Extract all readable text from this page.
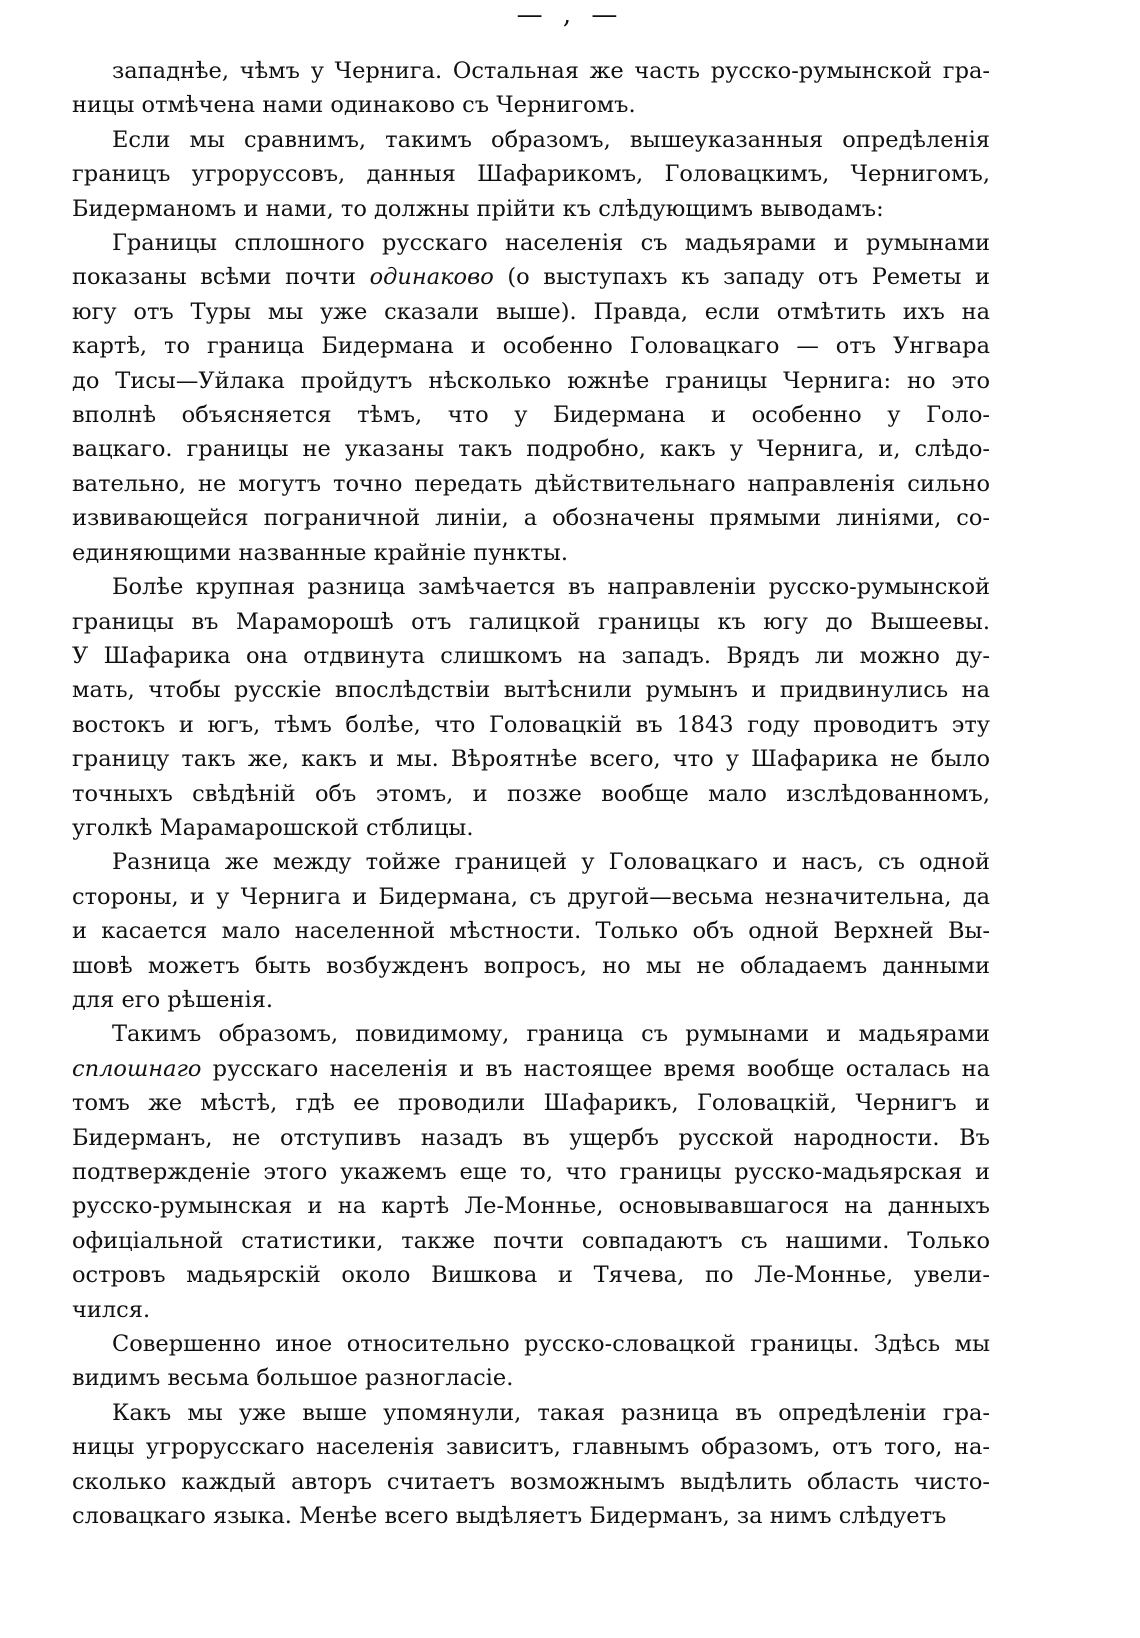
— , —
западнѣе, чѣмъ у Чернига. Остальная же часть русско-румынской гра-
ницы отмѣчена нами одинаково съ Чернигомъ.
Если мы сравнимъ, такимъ образомъ, вышеуказанныя опредѣленія
границъ угроруссовъ, данныя Шафарикомъ, Головацкимъ, Чернигомъ,
Бидерманомъ и нами, то должны прійти къ слѣдующимъ выводамъ:
Границы сплошного русскаго населенія съ мадьярами и румынами
показаны всѣми почти одинаково (о выступахъ къ западу отъ Реметы и
югу отъ Туры мы уже сказали выше). Правда, если отмѣтить ихъ на
картѣ, то граница Бидермана и особенно Головацкаго — отъ Унгвара
до Тисы—Уйлака пройдутъ нѣсколько южнѣе границы Чернига: но это
вполнѣ объясняется тѣмъ, что у Бидермана и особенно у Голо-
вацкаго. границы не указаны такъ подробно, какъ у Чернига, и, слѣдо-
вательно, не могутъ точно передать дѣйствительнаго направленія сильно
извивающейся пограничной линіи, а обозначены прямыми линіями, со-
единяющими названные крайніе пункты.
Болѣе крупная разница замѣчается въ направленіи русско-румынской
границы въ Мараморошѣ отъ галицкой границы къ югу до Вышеевы.
У Шафарика она отдвинута слишкомъ на западъ. Врядъ ли можно ду-
мать, чтобы русскіе впослѣдствіи вытѣснили румынъ и придвинулись на
востокъ и югъ, тѣмъ болѣе, что Головацкій въ 1843 году проводитъ эту
границу такъ же, какъ и мы. Вѣроятнѣе всего, что у Шафарика не было
точныхъ свѣдѣній объ этомъ, и позже вообще мало изслѣдованномъ,
уголкѣ Марамарошской стблицы.
Разница же между тойже границей у Головацкаго и насъ, съ одной
стороны, и у Чернига и Бидермана, съ другой—весьма незначительна, да
и касается мало населенной мѣстности. Только объ одной Верхней Вы-
шовѣ можетъ быть возбужденъ вопросъ, но мы не обладаемъ данными
для его рѣшенія.
Такимъ образомъ, повидимому, граница съ румынами и мадьярами
сплошнаго русскаго населенія и въ настоящее время вообще осталась на
томъ же мѣстѣ, гдѣ ее проводили Шафарикъ, Головацкій, Чернигъ и
Бидерманъ, не отступивъ назадъ въ ущербъ русской народности. Въ
подтвержденіе этого укажемъ еще то, что границы русско-мадьярская и
русско-румынская и на картѣ Ле-Монньe, основывавшагося на данныхъ
офиціальной статистики, также почти совпадаютъ съ нашими. Только
островъ мадьярскій около Вишкова и Тячева, по Ле-Монньe, увели-
чился.
Совершенно иное относительно русско-словацкой границы. Здѣсь мы
видимъ весьма большое разногласіе.
Какъ мы уже выше упомянули, такая разница въ опредѣленіи гра-
ницы угрорусскаго населенія зависитъ, главнымъ образомъ, отъ того, на-
сколько каждый авторъ считаетъ возможнымъ выдѣлить область чисто-
словацкаго языка. Менѣе всего выдѣляетъ Бидерманъ, за нимъ слѣдуетъ
